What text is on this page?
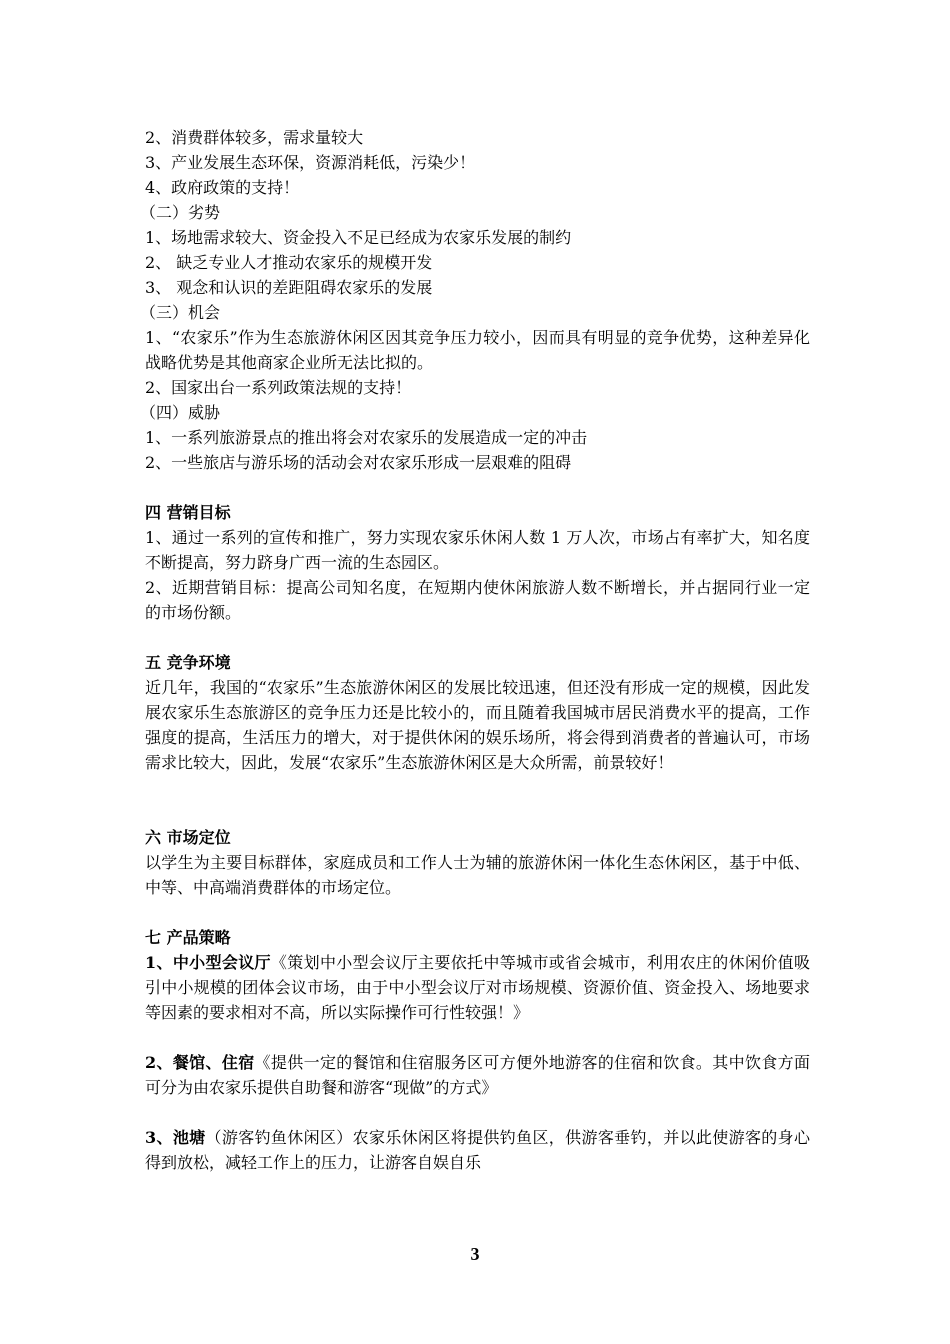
2、消费群体较多，需求量较大
3、产业发展生态环保，资源消耗低，污染少！
4、政府政策的支持！
（二）劣势
1、场地需求较大、资金投入不足已经成为农家乐发展的制约
2、 缺乏专业人才推动农家乐的规模开发
3、 观念和认识的差距阻碍农家乐的发展
（三）机会
1、“农家乐”作为生态旅游休闲区因其竞争压力较小，因而具有明显的竞争优势，这种差异化战略优势是其他商家企业所无法比拟的。
2、国家出台一系列政策法规的支持！
（四）威胁
1、一系列旅游景点的推出将会对农家乐的发展造成一定的冲击
2、一些旅店与游乐场的活动会对农家乐形成一层艰难的阻碍
四 营销目标
1、通过一系列的宣传和推广，努力实现农家乐休闲人数 1 万人次，市场占有率扩大，知名度不断提高，努力跻身广西一流的生态园区。
2、近期营销目标：提高公司知名度，在短期内使休闲旅游人数不断增长，并占据同行业一定的市场份额。
五 竞争环境
近几年，我国的“农家乐”生态旅游休闲区的发展比较迅速，但还没有形成一定的规模，因此发展农家乐生态旅游区的竞争压力还是比较小的，而且随着我国城市居民消费水平的提高，工作强度的提高，生活压力的增大，对于提供休闲的娱乐场所，将会得到消费者的普遍认可，市场需求比较大，因此，发展“农家乐”生态旅游休闲区是大众所需，前景较好！
六 市场定位
以学生为主要目标群体，家庭成员和工作人士为辅的旅游休闲一体化生态休闲区，基于中低、中等、中高端消费群体的市场定位。
七 产品策略
1、中小型会议厅《策划中小型会议厅主要依托中等城市或省会城市，利用农庄的休闲价值吸引中小规模的团体会议市场，由于中小型会议厅对市场规模、资源价值、资金投入、场地要求等因素的要求相对不高，所以实际操作可行性较强！》
2、餐馆、住宿《提供一定的餐馆和住宿服务区可方便外地游客的住宿和饮食。其中饮食方面可分为由农家乐提供自助餐和游客“现做”的方式》
3、池塘（游客钓鱼休闲区）农家乐休闲区将提供钓鱼区，供游客垂钓，并以此使游客的身心得到放松，减轻工作上的压力，让游客自娱自乐
3
